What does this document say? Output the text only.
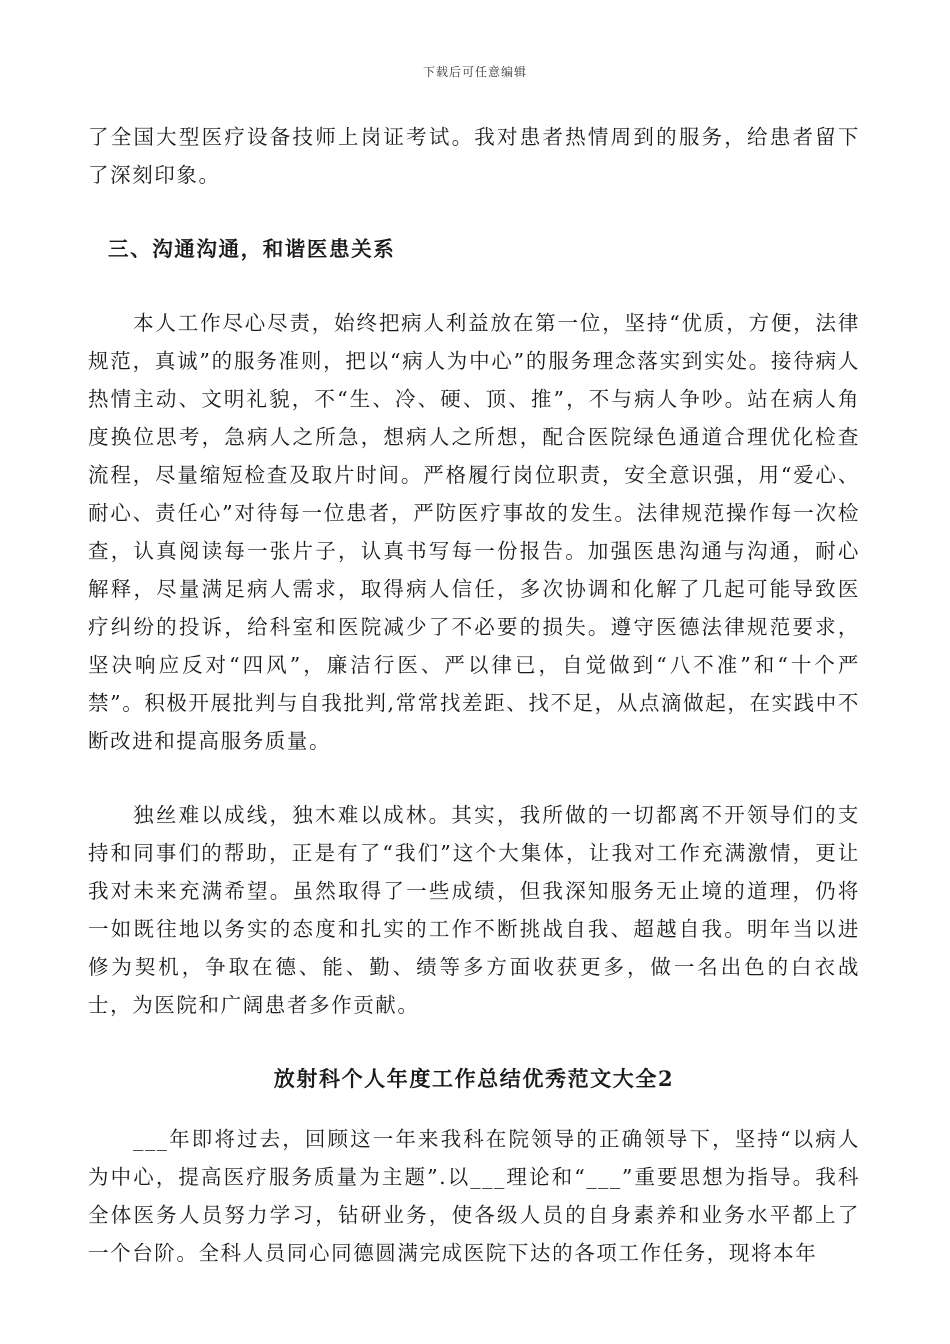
下载后可任意编辑

了全国大型医疗设备技师上岗证考试。我对患者热情周到的服务，给患者留下了深刻印象。

三、沟通沟通，和谐医患关系

本人工作尽心尽责，始终把病人利益放在第一位，坚持“优质，方便，法律规范，真诚”的服务准则，把以“病人为中心”的服务理念落实到实处。接待病人热情主动、文明礼貌，不“生、冷、硬、顶、推”，不与病人争吵。站在病人角度换位思考，急病人之所急，想病人之所想，配合医院绿色通道合理优化检查流程，尽量缩短检查及取片时间。严格履行岗位职责，安全意识强，用“爱心、耐心、责任心”对待每一位患者，严防医疗事故的发生。法律规范操作每一次检查，认真阅读每一张片子，认真书写每一份报告。加强医患沟通与沟通，耐心解释，尽量满足病人需求，取得病人信任，多次协调和化解了几起可能导致医疗纠纷的投诉，给科室和医院减少了不必要的损失。遵守医德法律规范要求，坚决响应反对“四风”，廉洁行医、严以律已，自觉做到“八不准”和“十个严禁”。积极开展批判与自我批判,常常找差距、找不足，从点滴做起，在实践中不断改进和提高服务质量。

独丝难以成线，独木难以成林。其实，我所做的一切都离不开领导们的支持和同事们的帮助，正是有了“我们”这个大集体，让我对工作充满激情，更让我对未来充满希望。虽然取得了一些成绩，但我深知服务无止境的道理，仍将一如既往地以务实的态度和扎实的工作不断挑战自我、超越自我。明年当以进修为契机，争取在德、能、勤、绩等多方面收获更多，做一名出色的白衣战士，为医院和广阔患者多作贡献。

放射科个人年度工作总结优秀范文大全2

___年即将过去，回顾这一年来我科在院领导的正确领导下，坚持“以病人为中心，提高医疗服务质量为主题”.以___理论和“___”重要思想为指导。我科全体医务人员努力学习，钻研业务，使各级人员的自身素养和业务水平都上了一个台阶。全科人员同心同德圆满完成医院下达的各项工作任务，现将本年
